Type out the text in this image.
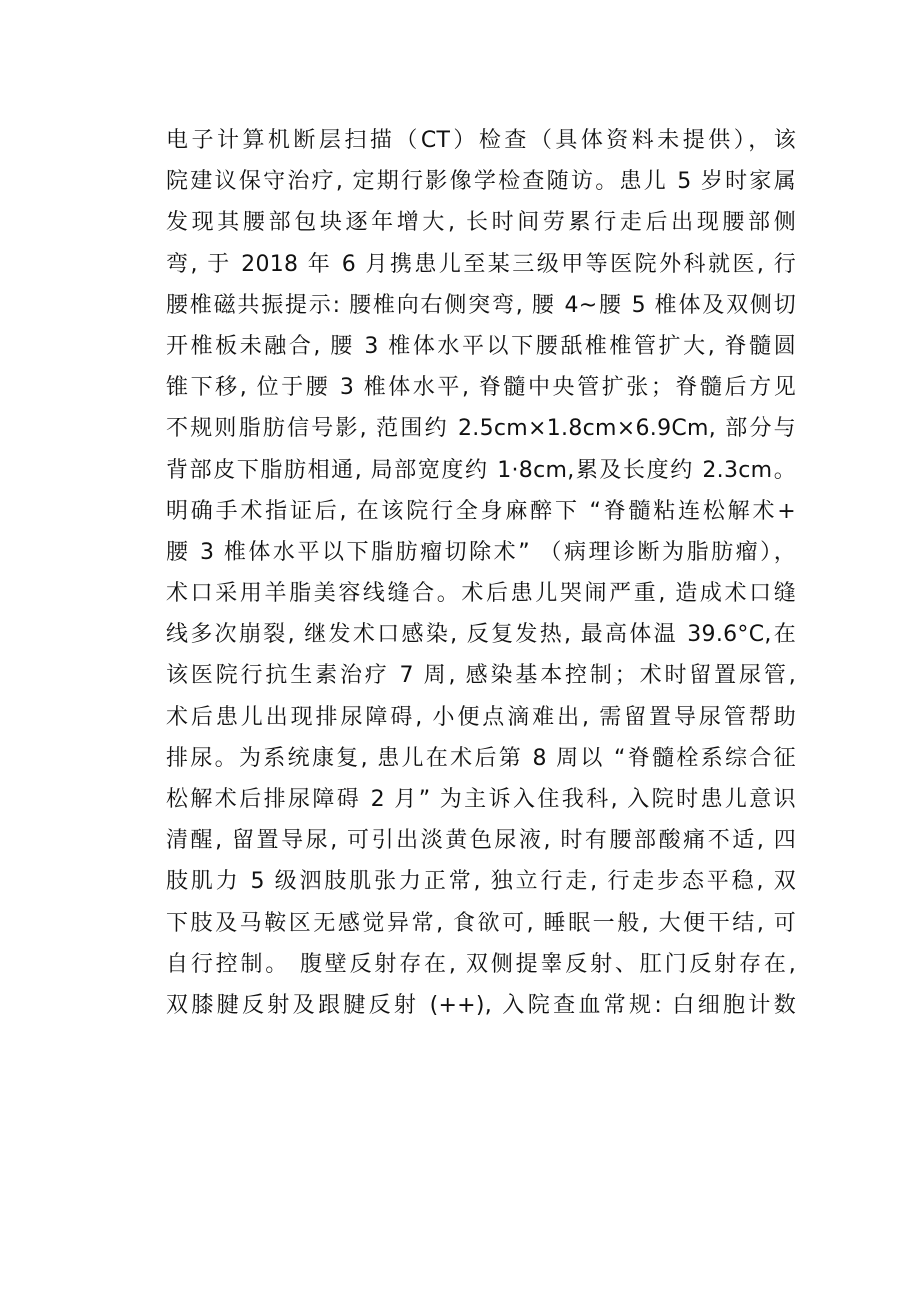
电子计算机断层扫描（CT）检查（具体资料未提供），该
院建议保守治疗, 定期行影像学检查随访。患儿 5 岁时家属
发现其腰部包块逐年增大, 长时间劳累行走后出现腰部侧
弯, 于 2018 年 6 月携患儿至某三级甲等医院外科就医, 行
腰椎磁共振提示: 腰椎向右侧突弯, 腰 4~腰 5 椎体及双侧切
开椎板未融合, 腰 3 椎体水平以下腰舐椎椎管扩大, 脊髓圆
锥下移, 位于腰 3 椎体水平, 脊髓中央管扩张；脊髓后方见
不规则脂肪信号影, 范围约 2.5cm×1.8cm×6.9Cm, 部分与
背部皮下脂肪相通, 局部宽度约 1·8cm,累及长度约 2.3cm。
明确手术指证后, 在该院行全身麻醉下 “脊髓粘连松解术+
腰 3 椎体水平以下脂肪瘤切除术” （病理诊断为脂肪瘤），
术口采用羊脂美容线缝合。术后患儿哭闹严重, 造成术口缝
线多次崩裂, 继发术口感染, 反复发热, 最高体温 39.6°C,在
该医院行抗生素治疗 7 周, 感染基本控制；术时留置尿管,
术后患儿出现排尿障碍, 小便点滴难出, 需留置导尿管帮助
排尿。为系统康复, 患儿在术后第 8 周以 “脊髓栓系综合征
松解术后排尿障碍 2 月” 为主诉入住我科, 入院时患儿意识
清醒, 留置导尿, 可引出淡黄色尿液, 时有腰部酸痛不适, 四
肢肌力 5 级泗肢肌张力正常, 独立行走, 行走步态平稳, 双
下肢及马鞍区无感觉异常, 食欲可, 睡眠一般, 大便干结, 可
自行控制。 腹壁反射存在, 双侧提睾反射、肛门反射存在,
双膝腱反射及跟腱反射 (++), 入院查血常规: 白细胞计数
